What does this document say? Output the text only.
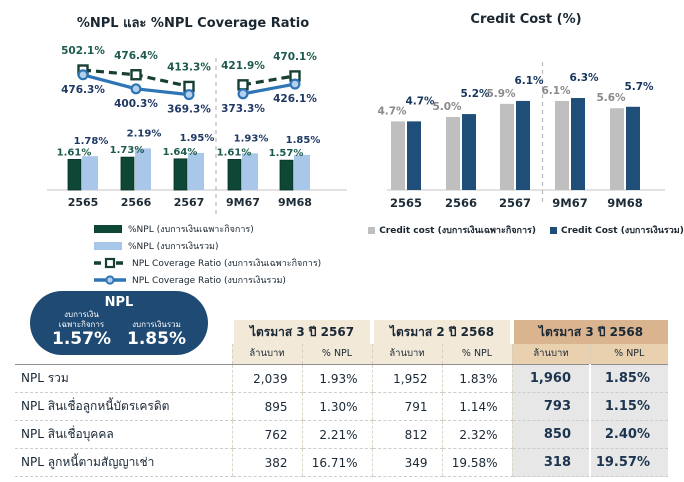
%NPL และ %NPL Coverage Ratio
1.61%
1.78%
2565
1.73%
2.19%
2566
1.64%
1.95%
2567
1.61%
1.93%
9M67
1.57%
1.85%
9M68
502.1% 476.4%
413.3% 421.9%
470.1%
476.3%
400.3% 369.3% 373.3%
426.1%
%NPL (งบการเงินเฉพาะกิจการ)
%NPL (งบการเงินรวม)
NPL Coverage Ratio (งบการเงินเฉพาะกิจการ)
NPL Coverage Ratio (งบการเงินรวม)
Credit Cost (%)
4.7%
4.7%
2565
5.0%
5.2%
2566
5.9%
6.1%
2567
6.1%
6.3%
9M67
5.6%
5.7%
9M68
Credit cost (งบการเงินเฉพาะกิจการ)	Credit Cost (งบการเงินรวม)
NPL
งบการเงิน
เฉพาะกิจการ
1.57%
งบการเงินรวม
1.85%
		ไตรมาส 3 ปี 2567		ไตรมาส 2 ปี 2568		ไตรมาส 3 ปี 2568	
	ล้านบาท	% NPL	ล้านบาท	% NPL	ล้านบาท	% NPL
NPL รวม	2,039	1.93%	1,952	1.83%	1,960	1.85%
NPL สินเชื่อลูกหนี้บัตรเครดิต	895	1.30%	791	1.14%	793	1.15%
NPL สินเชื่อบุคคล	762	2.21%	812	2.32%	850	2.40%
NPL ลูกหนี้ตามสัญญาเช่า	382	16.71%	349	19.58%	318	19.57%
